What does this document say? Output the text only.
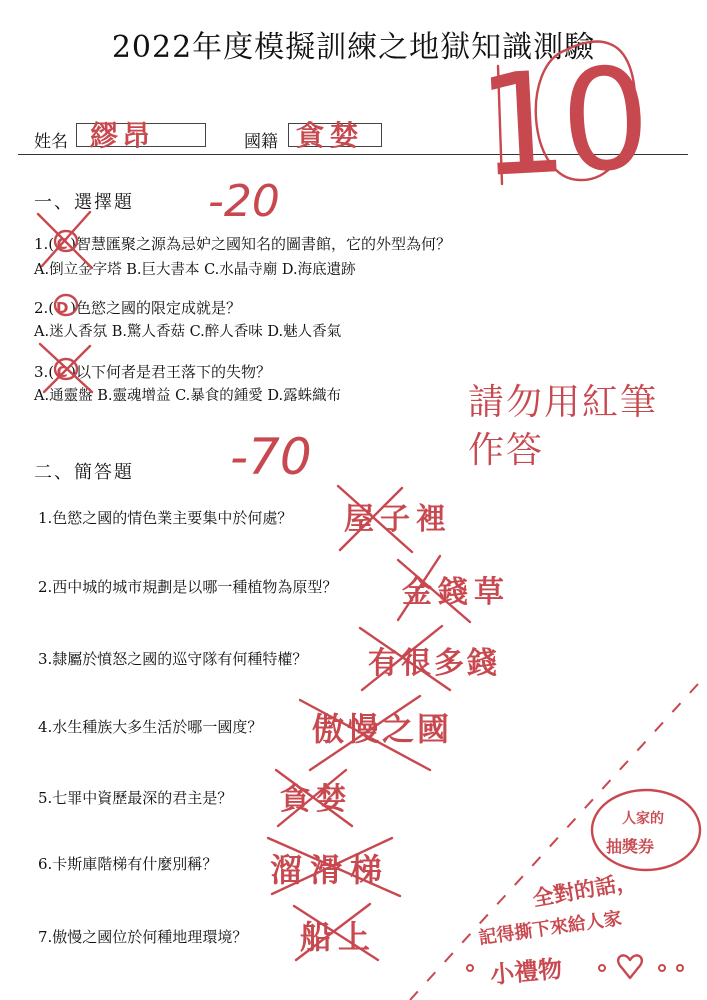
2022年度模擬訓練之地獄知識測驗
姓名 繆昂	國籍 貪婪
一、選擇題
1.( C )智慧匯聚之源為忌妒之國知名的圖書館，它的外型為何？
A.倒立金字塔 B.巨大書本 C.水晶寺廟 D.海底遺跡
2.( D )色慾之國的限定成就是？
A.迷人香氛 B.驚人香菇 C.醉人香味 D.魅人香氣
3.( C )以下何者是君王落下的失物？
A.通靈盤 B.靈魂增益 C.暴食的鍾愛 D.露蛛織布
二、簡答題
1.色慾之國的情色業主要集中於何處？ 屋子裡
2.西中城的城市規劃是以哪一種植物為原型？ 金錢草
3.隸屬於憤怒之國的巡守隊有何種特權？ 有很多錢
4.水生種族大多生活於哪一國度？ 傲慢之國
5.七罪中資歷最深的君主是？ 貪婪
6.卡斯庫階梯有什麼別稱？ 溜滑梯
7.傲慢之國位於何種地理環境？ 船上
10
-20
-70
請勿用紅筆
作答
人家的
抽獎券
全對的話，
記得撕下來給人家
小禮物
